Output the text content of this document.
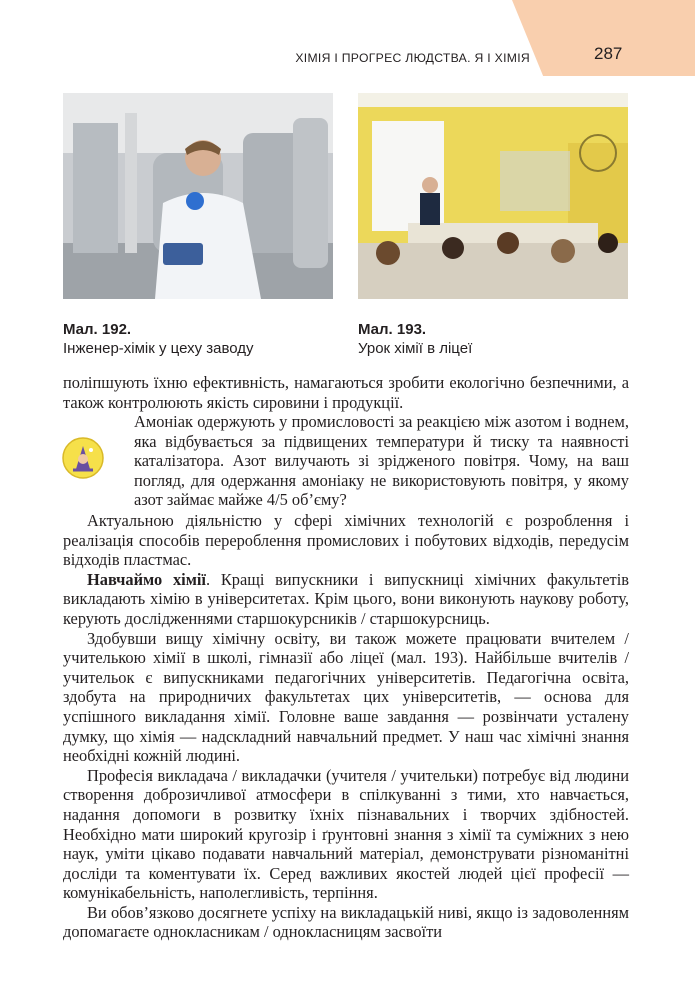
ХІМІЯ І ПРОГРЕС ЛЮДСТВА. Я І ХІМІЯ	287
Мал. 192.
Інженер-хімік у цеху заводу
Мал. 193.
Урок хімії в ліцеї

поліпшують їхню ефективність, намагаються зробити екологічно безпечними, а також контролюють якість сировини і продукції.

Амоніак одержують у промисловості за реакцією між азотом і воднем, яка відбувається за підвищених температури й тиску та наявності каталізатора. Азот вилучають зі зрідженого повітря. Чому, на ваш погляд, для одержання амоніаку не використовують повітря, у якому азот займає майже 4/5 об’єму?

Актуальною діяльністю у сфері хімічних технологій є розроблення і реалізація способів перероблення промислових і побутових відходів, передусім відходів пластмас.

Навчаймо хімії. Кращі випускники і випускниці хімічних факультетів викладають хімію в університетах. Крім цього, вони виконують наукову роботу, керують дослідженнями старшокурсників / старшокурсниць.

Здобувши вищу хімічну освіту, ви також можете працювати вчителем / учителькою хімії в школі, гімназії або ліцеї (мал. 193). Найбільше вчителів / учительок є випускниками педагогічних університетів. Педагогічна освіта, здобута на природничих факультетах цих університетів, — основа для успішного викладання хімії. Головне ваше завдання — розвінчати усталену думку, що хімія — надскладний навчальний предмет. У наш час хімічні знання необхідні кожній людині.

Професія викладача / викладачки (учителя / учительки) потребує від людини створення доброзичливої атмосфери в спілкуванні з тими, хто навчається, надання допомоги в розвитку їхніх пізнавальних і творчих здібностей. Необхідно мати широкий кругозір і ґрунтовні знання з хімії та суміжних з нею наук, уміти цікаво подавати навчальний матеріал, демонструвати різноманітні досліди та коментувати їх. Серед важливих якостей людей цієї професії — комунікабельність, наполегливість, терпіння.

Ви обов’язково досягнете успіху на викладацькій ниві, якщо із задоволенням допомагаєте однокласникам / однокласницям засвоїти
